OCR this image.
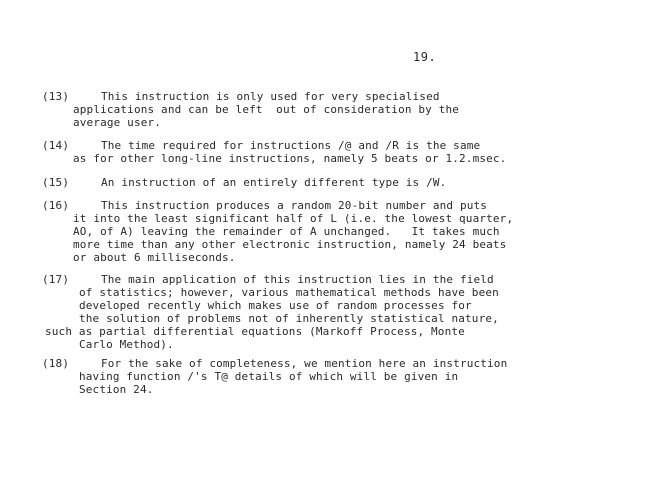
19.
(13)	This instruction is only used for very specialised
applications and can be left  out of consideration by the
average user.
(14)	The time required for instructions /@ and /R is the same
as for other long-line instructions, namely 5 beats or 1.2.msec.
(15)	An instruction of an entirely different type is /W.
(16)	This instruction produces a random 20-bit number and puts
it into the least significant half of L (i.e. the lowest quarter,
AO, of A) leaving the remainder of A unchanged.   It takes much
more time than any other electronic instruction, namely 24 beats
or about 6 milliseconds.
(17)	The main application of this instruction lies in the field
of statistics; however, various mathematical methods have been
developed recently which makes use of random processes for
the solution of problems not of inherently statistical nature,
such as partial differential equations (Markoff Process, Monte
Carlo Method).
(18)	For the sake of completeness, we mention here an instruction
having function /'s T@ details of which will be given in
Section 24.
